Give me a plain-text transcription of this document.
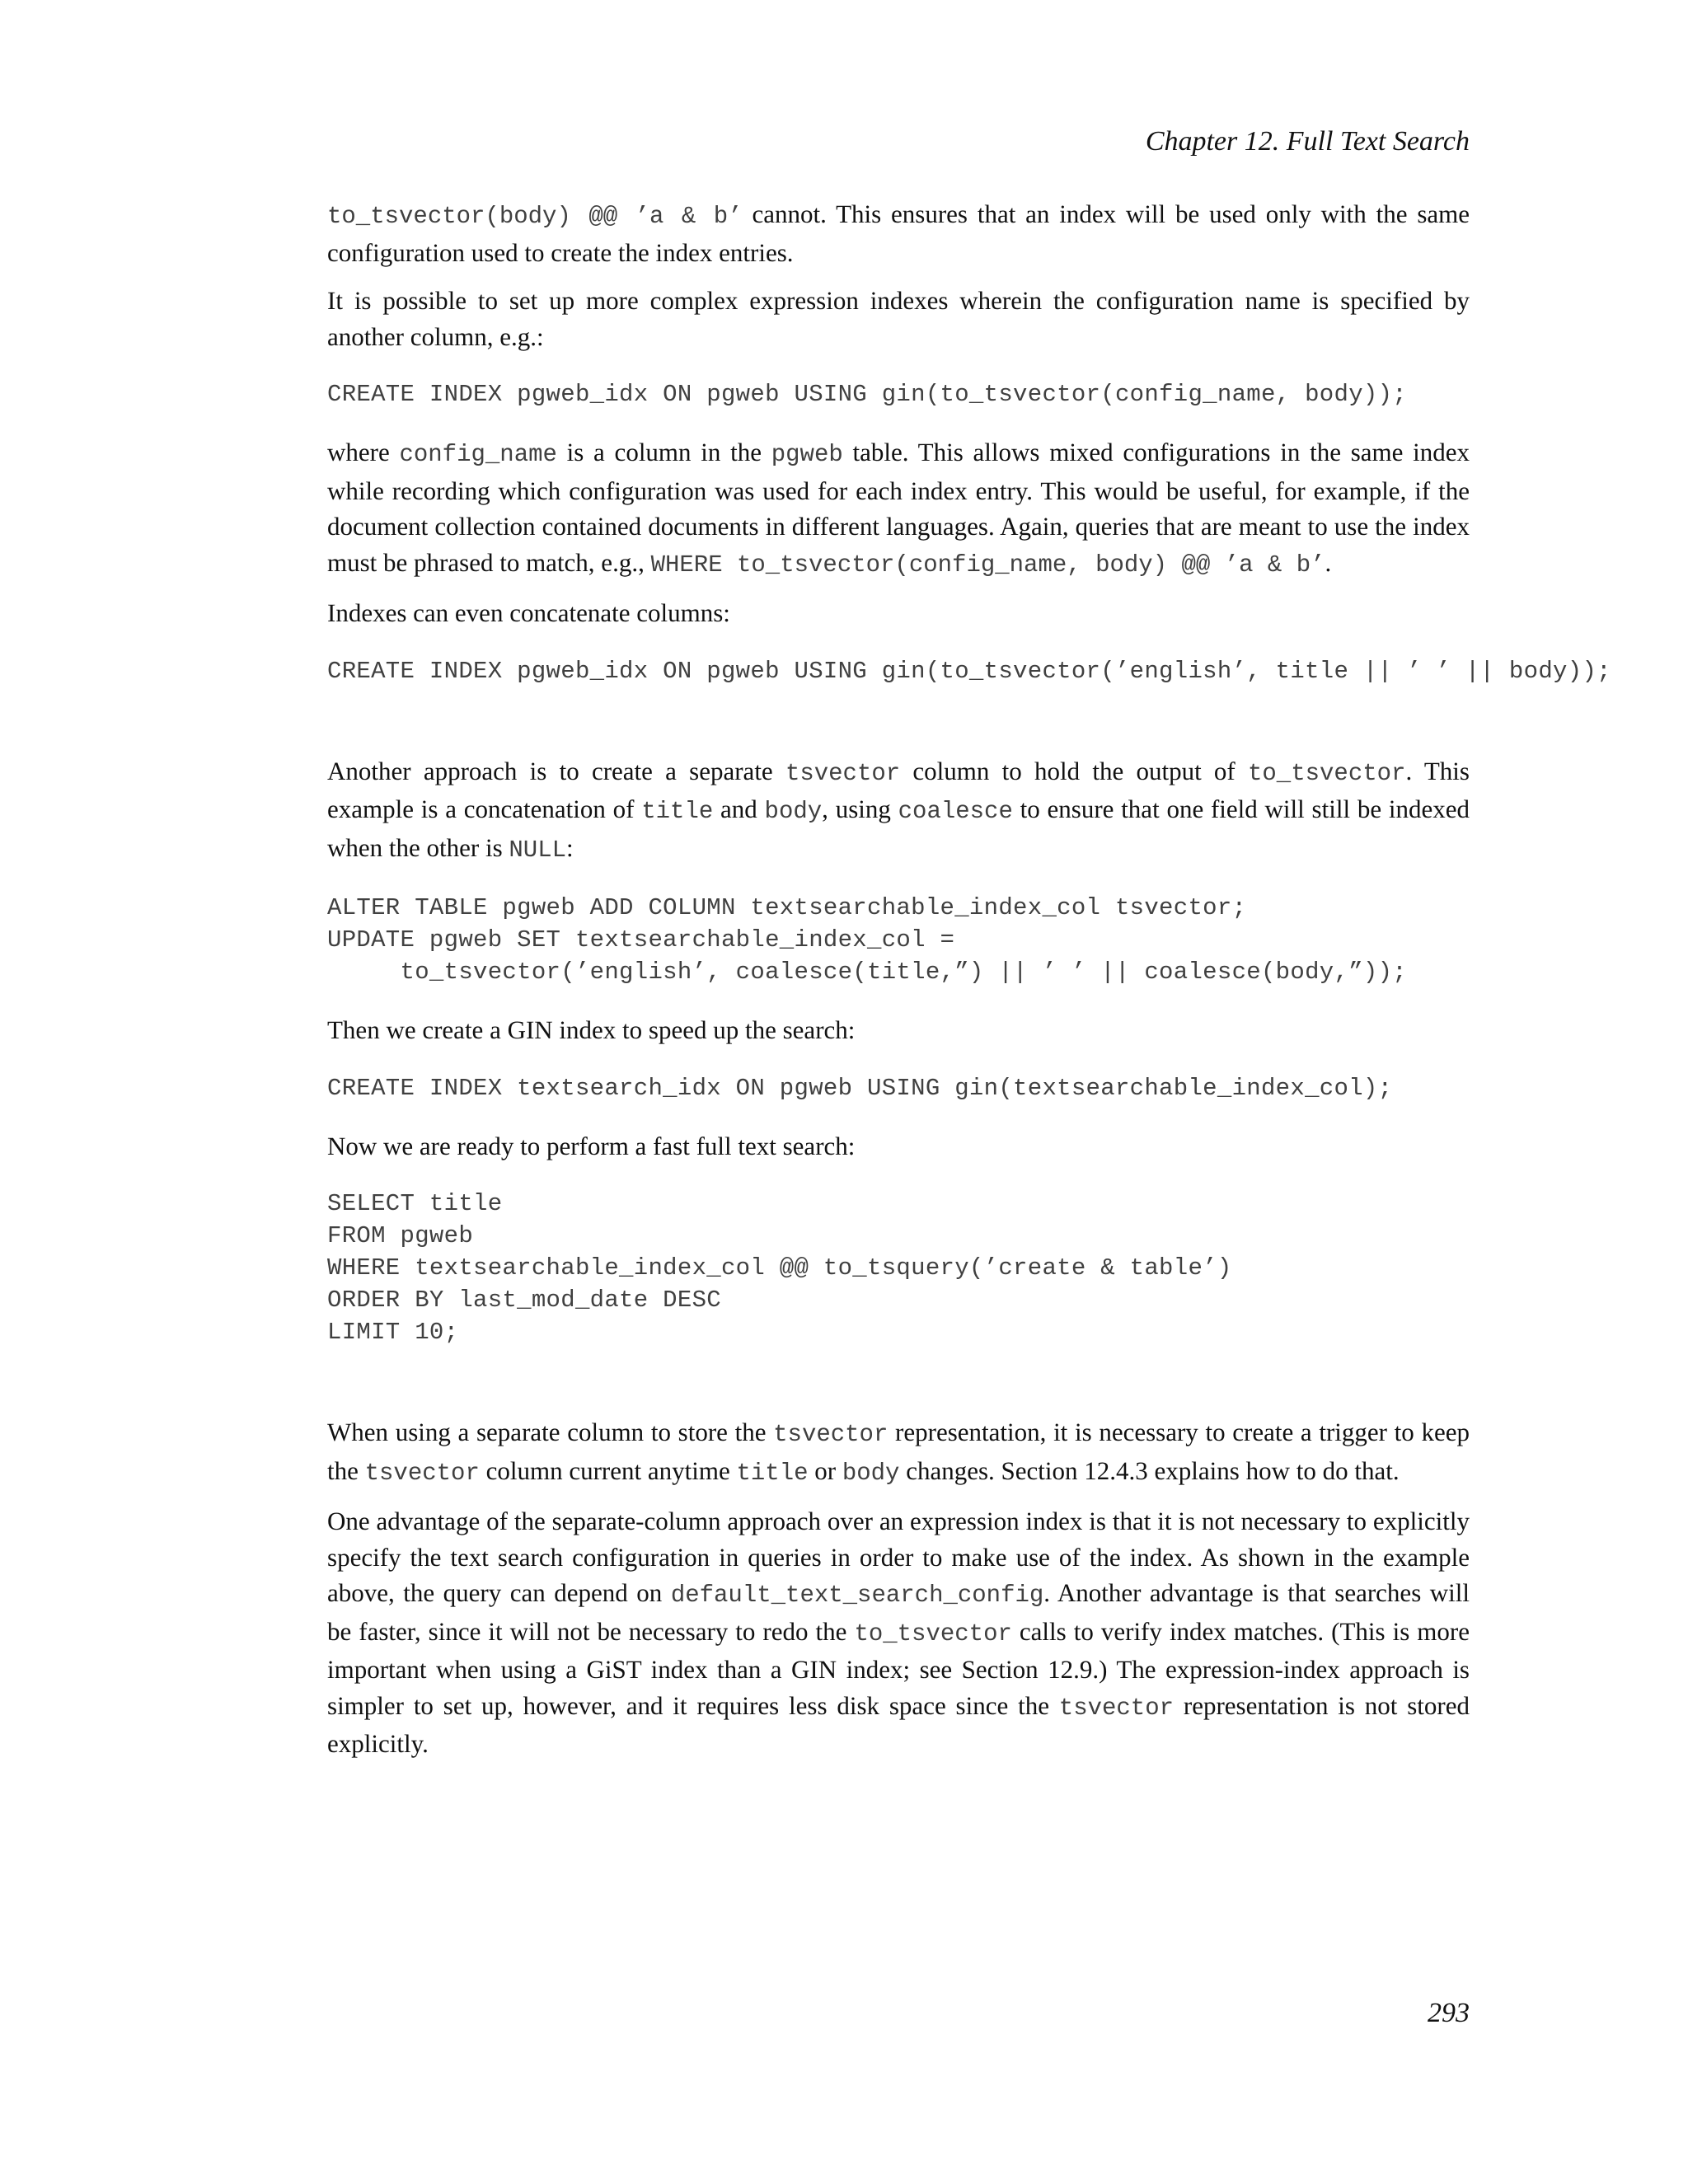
Chapter 12. Full Text Search

to_tsvector(body) @@ ’a & b’ cannot. This ensures that an index will be used only with the same configuration used to create the index entries.

It is possible to set up more complex expression indexes wherein the configuration name is specified by another column, e.g.:

CREATE INDEX pgweb_idx ON pgweb USING gin(to_tsvector(config_name, body));

where config_name is a column in the pgweb table. This allows mixed configurations in the same index while recording which configuration was used for each index entry. This would be useful, for example, if the document collection contained documents in different languages. Again, queries that are meant to use the index must be phrased to match, e.g., WHERE to_tsvector(config_name, body) @@ ’a & b’.

Indexes can even concatenate columns:

CREATE INDEX pgweb_idx ON pgweb USING gin(to_tsvector(’english’, title || ’ ’ || body));

Another approach is to create a separate tsvector column to hold the output of to_tsvector. This example is a concatenation of title and body, using coalesce to ensure that one field will still be indexed when the other is NULL:

ALTER TABLE pgweb ADD COLUMN textsearchable_index_col tsvector;
UPDATE pgweb SET textsearchable_index_col =
to_tsvector(’english’, coalesce(title,”) || ’ ’ || coalesce(body,”));

Then we create a GIN index to speed up the search:

CREATE INDEX textsearch_idx ON pgweb USING gin(textsearchable_index_col);

Now we are ready to perform a fast full text search:

SELECT title
FROM pgweb
WHERE textsearchable_index_col @@ to_tsquery(’create & table’)
ORDER BY last_mod_date DESC
LIMIT 10;

When using a separate column to store the tsvector representation, it is necessary to create a trigger to keep the tsvector column current anytime title or body changes. Section 12.4.3 explains how to do that.

One advantage of the separate-column approach over an expression index is that it is not necessary to explicitly specify the text search configuration in queries in order to make use of the index. As shown in the example above, the query can depend on default_text_search_config. Another advantage is that searches will be faster, since it will not be necessary to redo the to_tsvector calls to verify index matches. (This is more important when using a GiST index than a GIN index; see Section 12.9.) The expression-index approach is simpler to set up, however, and it requires less disk space since the tsvector representation is not stored explicitly.

293
